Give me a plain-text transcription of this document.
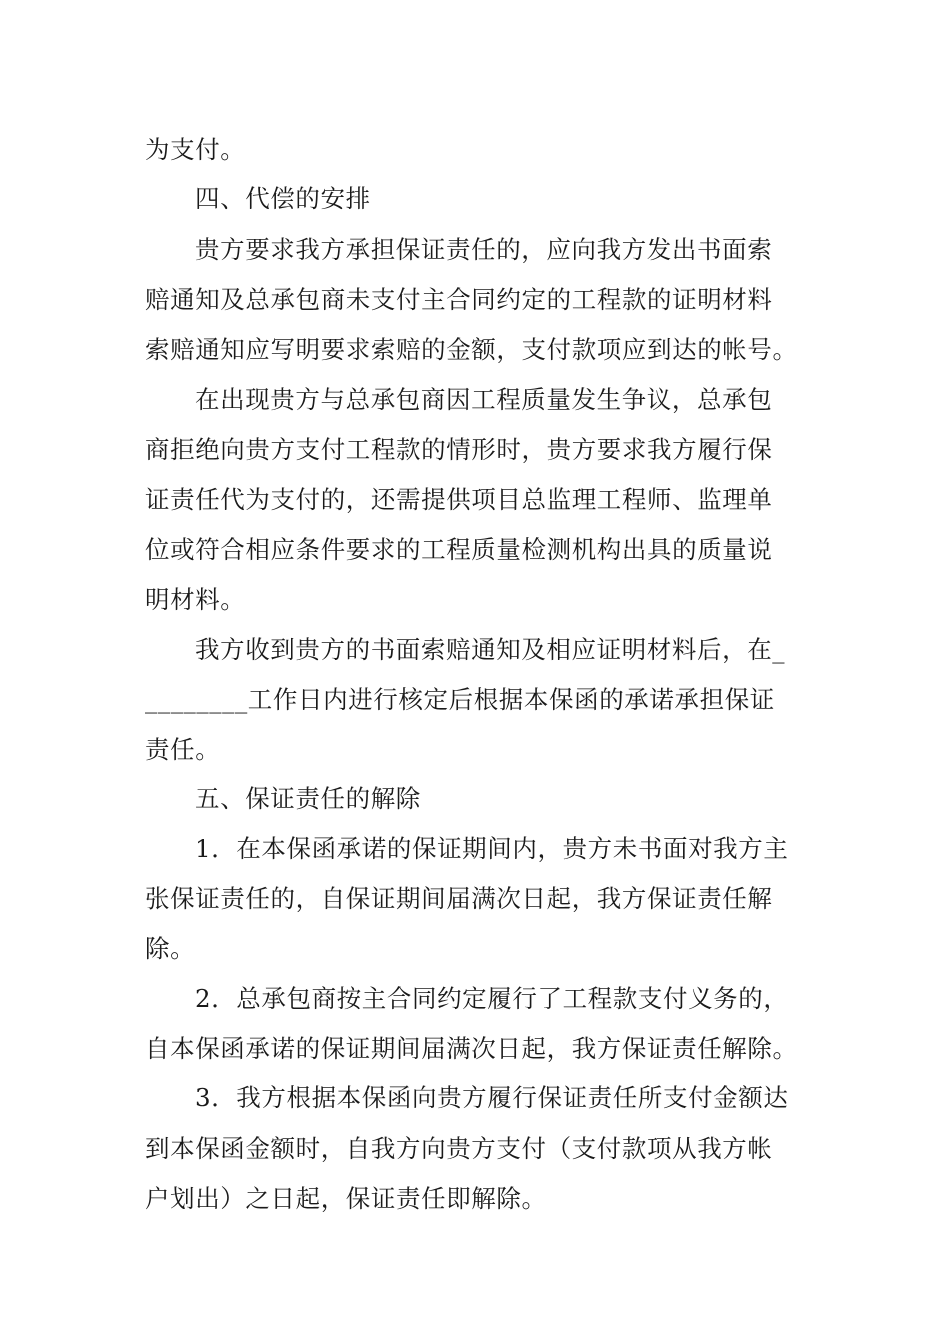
为支付。

四、代偿的安排

贵方要求我方承担保证责任的，应向我方发出书面索

赔通知及总承包商未支付主合同约定的工程款的证明材料

索赔通知应写明要求索赔的金额，支付款项应到达的帐号。

在出现贵方与总承包商因工程质量发生争议，总承包

商拒绝向贵方支付工程款的情形时，贵方要求我方履行保

证责任代为支付的，还需提供项目总监理工程师、监理单

位或符合相应条件要求的工程质量检测机构出具的质量说

明材料。

我方收到贵方的书面索赔通知及相应证明材料后，在_

________工作日内进行核定后根据本保函的承诺承担保证

责任。

五、保证责任的解除

1．在本保函承诺的保证期间内，贵方未书面对我方主

张保证责任的，自保证期间届满次日起，我方保证责任解

除。

2．总承包商按主合同约定履行了工程款支付义务的，

自本保函承诺的保证期间届满次日起，我方保证责任解除。

3．我方根据本保函向贵方履行保证责任所支付金额达

到本保函金额时，自我方向贵方支付（支付款项从我方帐

户划出）之日起，保证责任即解除。
